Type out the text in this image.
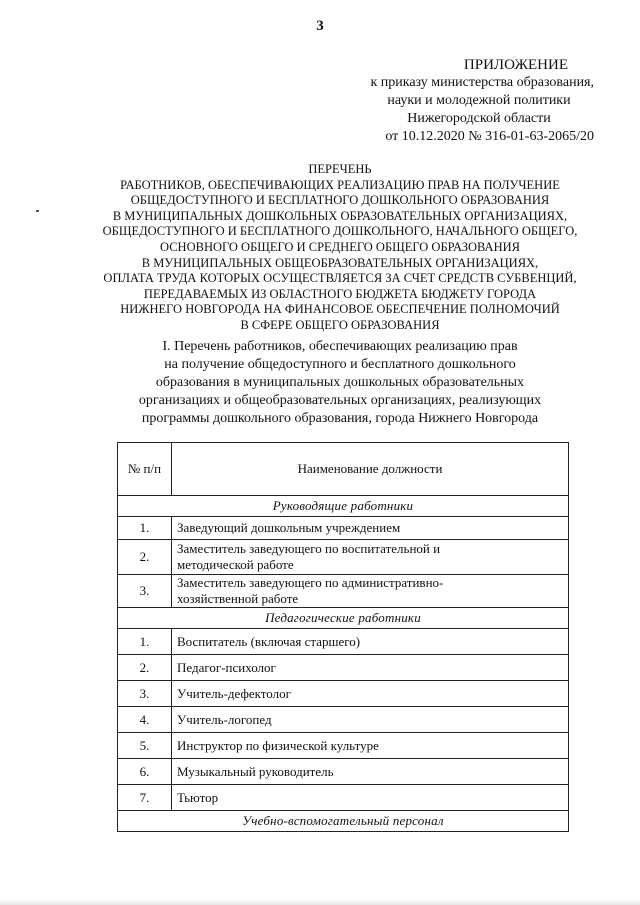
3
ПРИЛОЖЕНИЕ
к приказу министерства образования,
науки и молодежной политики
Нижегородской области
от 10.12.2020 № 316-01-63-2065/20
ПЕРЕЧЕНЬ
РАБОТНИКОВ, ОБЕСПЕЧИВАЮЩИХ РЕАЛИЗАЦИЮ ПРАВ НА ПОЛУЧЕНИЕ
ОБЩЕДОСТУПНОГО И БЕСПЛАТНОГО ДОШКОЛЬНОГО ОБРАЗОВАНИЯ
В МУНИЦИПАЛЬНЫХ ДОШКОЛЬНЫХ ОБРАЗОВАТЕЛЬНЫХ ОРГАНИЗАЦИЯХ,
ОБЩЕДОСТУПНОГО И БЕСПЛАТНОГО ДОШКОЛЬНОГО, НАЧАЛЬНОГО ОБЩЕГО,
ОСНОВНОГО ОБЩЕГО И СРЕДНЕГО ОБЩЕГО ОБРАЗОВАНИЯ
В МУНИЦИПАЛЬНЫХ ОБЩЕОБРАЗОВАТЕЛЬНЫХ ОРГАНИЗАЦИЯХ,
ОПЛАТА ТРУДА КОТОРЫХ ОСУЩЕСТВЛЯЕТСЯ ЗА СЧЕТ СРЕДСТВ СУБВЕНЦИЙ,
ПЕРЕДАВАЕМЫХ ИЗ ОБЛАСТНОГО БЮДЖЕТА БЮДЖЕТУ ГОРОДА
НИЖНЕГО НОВГОРОДА НА ФИНАНСОВОЕ ОБЕСПЕЧЕНИЕ ПОЛНОМОЧИЙ
В СФЕРЕ ОБЩЕГО ОБРАЗОВАНИЯ
I. Перечень работников, обеспечивающих реализацию прав
на получение общедоступного и бесплатного дошкольного
образования в муниципальных дошкольных образовательных
организациях и общеобразовательных организациях, реализующих
программы дошкольного образования, города Нижнего Новгорода
№ п/п	Наименование должности
Руководящие работники	
1.	Заведующий дошкольным учреждением
2.	Заместитель заведующего по воспитательной и
методической работе

3.	Заместитель заведующего по административно-
хозяйственной работе

Педагогические работники	
1.	Воспитатель (включая старшего)
2.	Педагог-психолог
3.	Учитель-дефектолог
4.	Учитель-логопед
5.	Инструктор по физической культуре
6.	Музыкальный руководитель
7.	Тьютор
Учебно-вспомогательный персонал	
